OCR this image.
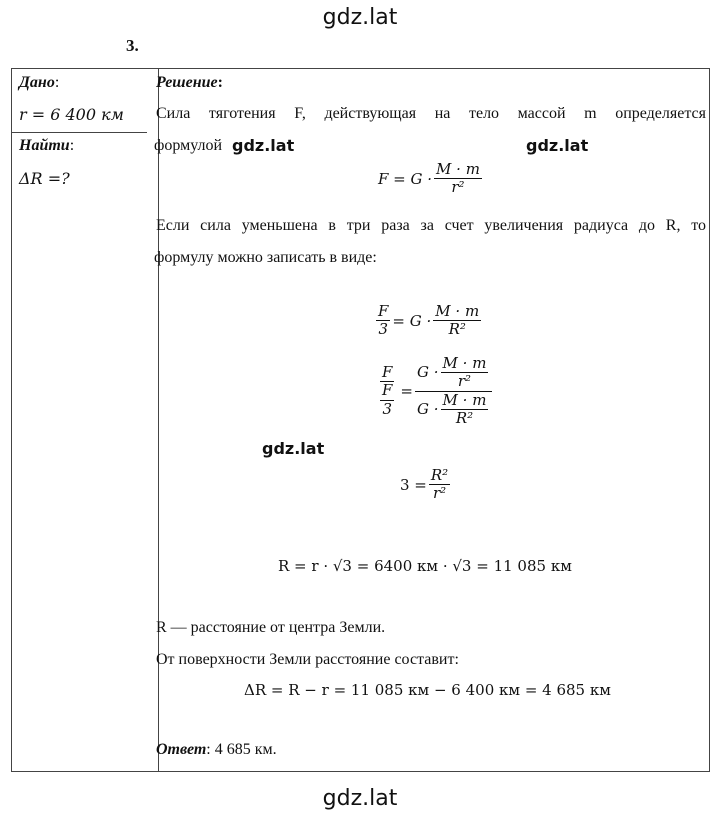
gdz.lat
3.
Дано:
r = 6 400 км
Найти:
ΔR =?
Решение:
Сила тяготения F, действующая на тело массой m определяется
формулой gdz.lat	gdz.lat
$F = G \cdot \frac{M \cdot m}{\text{r²}}$
Если сила уменьшена в три раза за счет увеличения радиуса до R, то
формулу можно записать в виде:
$\frac{F}{3} = G \cdot \frac{M \cdot m}{\text{R²}}$
$\frac{F}{\frac{F}{3}} = \frac{G \cdot \frac{M \cdot m}{\text{r²}}}{G \cdot \frac{M \cdot m}{\text{R²}}}$
gdz.lat
$3 = \frac{\text{R²}}{\text{r²}}$
R = r · √3 = 6400 км · √3 = 11 085 км
R — расстояние от центра Земли.
От поверхности Земли расстояние составит:
ΔR = R − r = 11 085 км − 6 400 км = 4 685 км
Ответ: 4 685 км.
gdz.lat
